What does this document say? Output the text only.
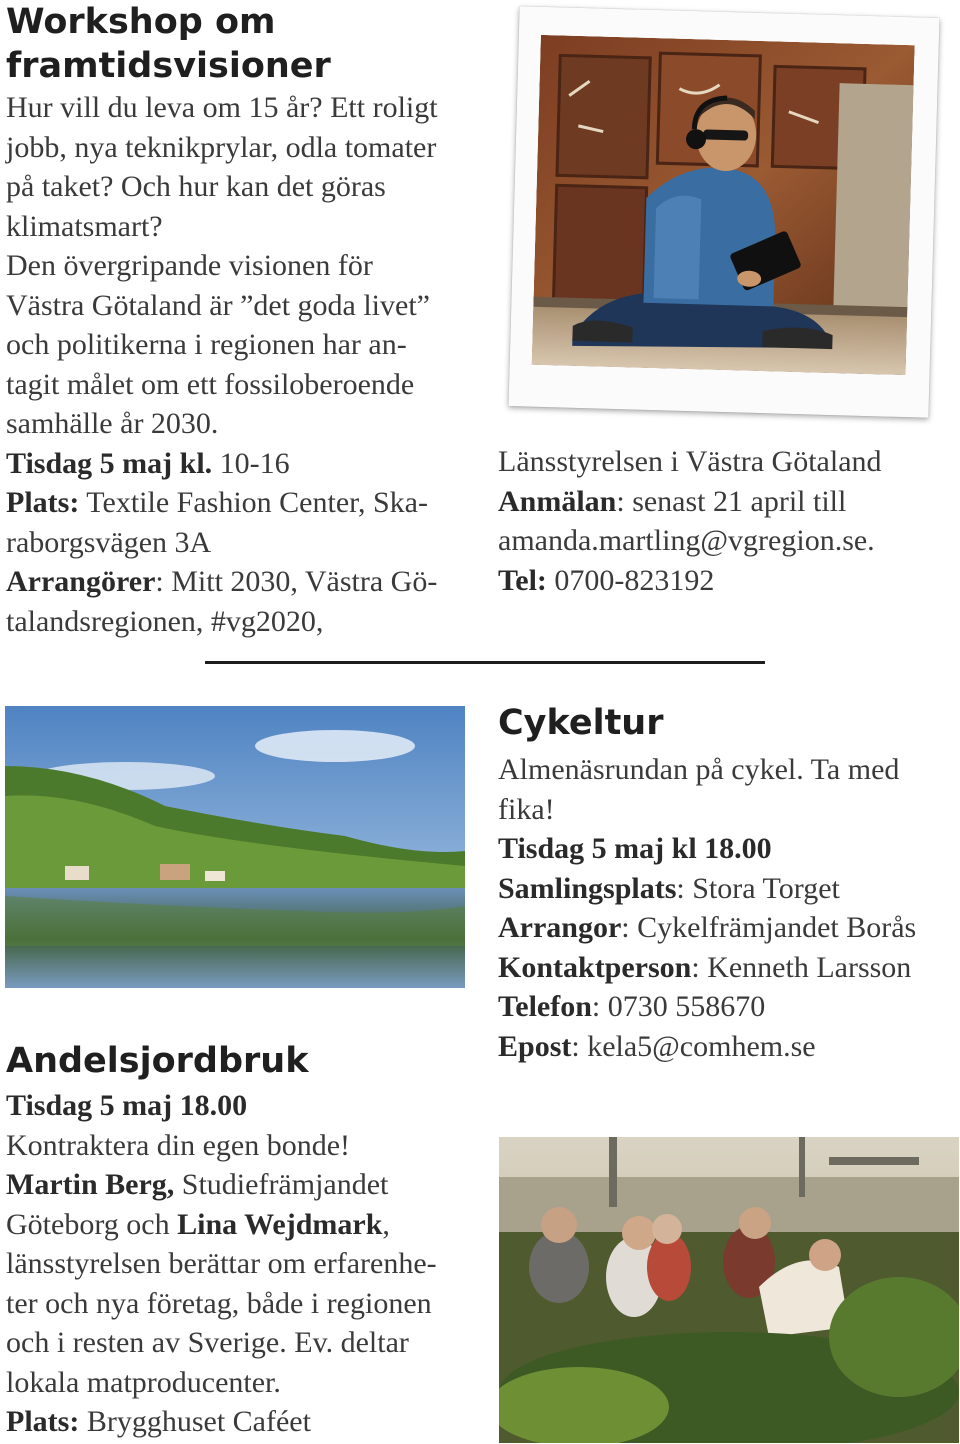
Workshop om framtidsvisioner

Hur vill du leva om 15 år? Ett roligt
jobb, nya teknikprylar, odla tomater
på taket? Och hur kan det göras
klimatsmart?
Den övergripande visionen för
Västra Götaland är ”det goda livet”
och politikerna i regionen har an-
tagit målet om ett fossiloberoende
samhälle år 2030.

Tisdag 5 maj kl. 10-16

Plats: Textile Fashion Center, Ska-
raborgsvägen 3A

Arrangörer: Mitt 2030, Västra Gö-
talandsregionen, #vg2020,

Länsstyrelsen i Västra Götaland
Anmälan: senast 21 april till
amanda.martling@vgregion.se.
Tel: 0700-823192

Cykeltur

Almenäsrundan på cykel. Ta med
fika!
Tisdag 5 maj kl 18.00
Samlingsplats: Stora Torget
Arrangor: Cykelfrämjandet Borås
Kontaktperson: Kenneth Larsson
Telefon: 0730 558670
Epost: kela5@comhem.se

Andelsjordbruk

Tisdag 5 maj 18.00
Kontraktera din egen bonde!
Martin Berg, Studiefrämjandet
Göteborg och Lina Wejdmark,
länsstyrelsen berättar om erfarenhe-
ter och nya företag, både i regionen
och i resten av Sverige. Ev. deltar
lokala matproducenter.
Plats: Brygghuset Caféet
